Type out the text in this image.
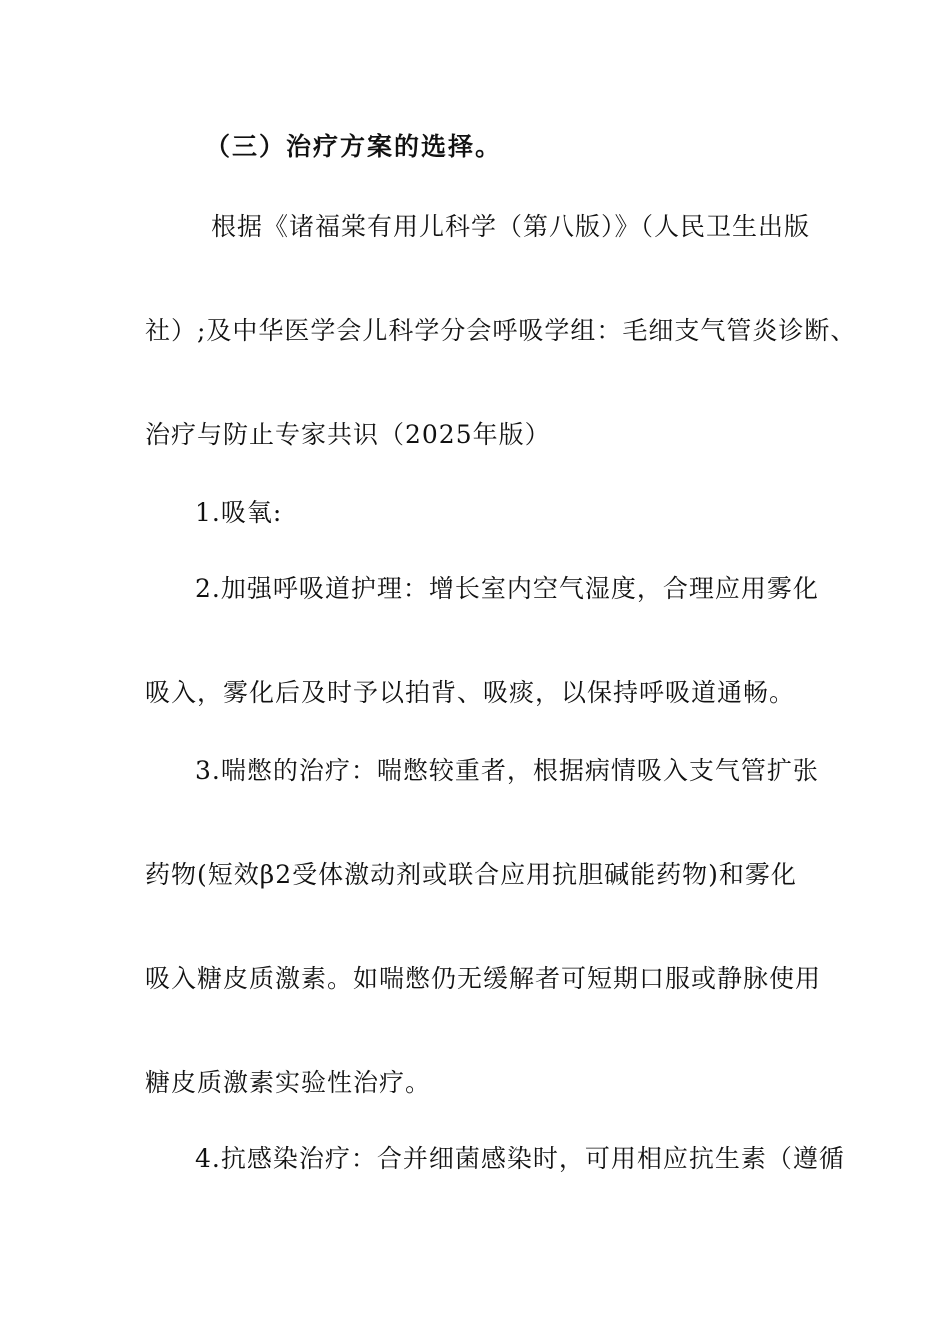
（三）治疗方案的选择。
根据《诸福棠有用儿科学（第八版）》（人民卫生出版
社）;及中华医学会儿科学分会呼吸学组：毛细支气管炎诊断、
治疗与防止专家共识（2025年版）
1.吸氧:
2.加强呼吸道护理：增长室内空气湿度，合理应用雾化
吸入，雾化后及时予以拍背、吸痰，以保持呼吸道通畅。
3.喘憋的治疗：喘憋较重者，根据病情吸入支气管扩张
药物(短效β2受体激动剂或联合应用抗胆碱能药物)和雾化
吸入糖皮质激素。如喘憋仍无缓解者可短期口服或静脉使用
糖皮质激素实验性治疗。
4.抗感染治疗：合并细菌感染时，可用相应抗生素（遵循
